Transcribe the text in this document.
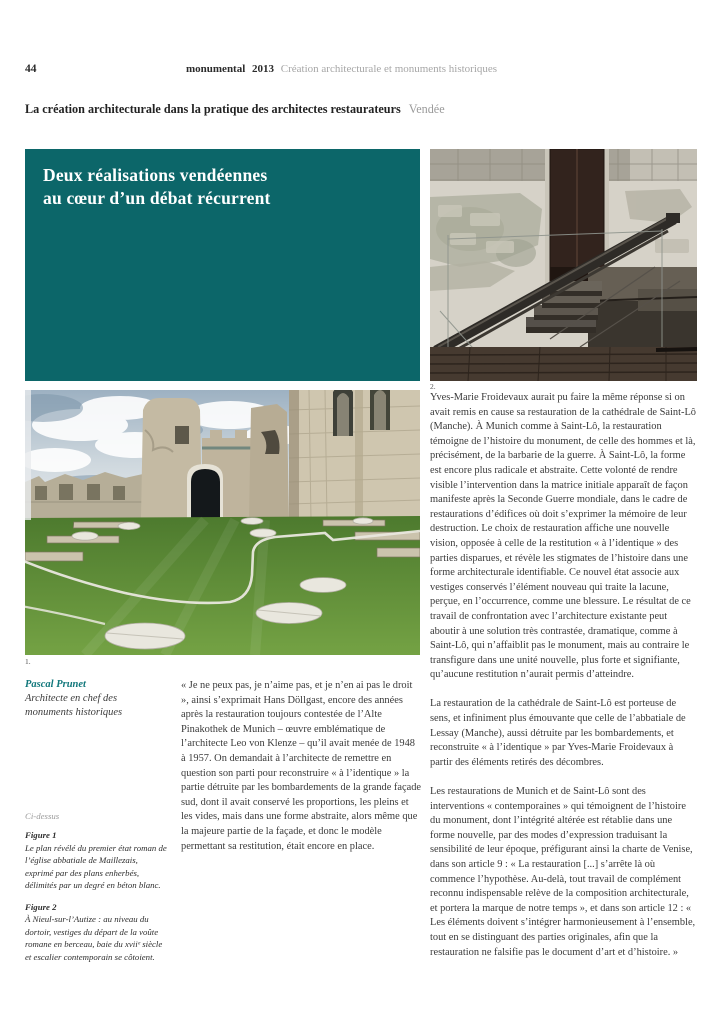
44	monumental 2013 Création architecturale et monuments historiques
La création architecturale dans la pratique des architectes restaurateurs Vendée
Deux réalisations vendéennes
au cœur d’un débat récurrent
2.
1.
Pascal Prunet
Architecte en chef des
monuments historiques
Ci-dessus
Figure 1
Le plan révélé du premier état roman de l’église abbatiale de Maillezais, exprimé par des plans enherbés, délimités par un degré en béton blanc.
Figure 2
À Nieul-sur-l’Autize : au niveau du dortoir, vestiges du départ de la voûte romane en berceau, baie du xviiᵉ siècle et escalier contemporain se côtoient.

« Je ne peux pas, je n’aime pas, et je n’en ai pas le droit », ainsi s’exprimait Hans Döllgast, encore des années après la restauration toujours contestée de l’Alte Pinakothek de Munich – œuvre emblématique de l’architecte Leo von Klenze – qu’il avait menée de 1948 à 1957. On demandait à l’architecte de remettre en question son parti pour reconstruire « à l’identique » la partie détruite par les bombardements de la grande façade sud, dont il avait conservé les proportions, les pleins et les vides, mais dans une forme abstraite, alors même que la majeure partie de la façade, et donc le modèle permettant sa restitution, était encore en place.

Yves-Marie Froidevaux aurait pu faire la même réponse si on avait remis en cause sa restauration de la cathédrale de Saint-Lô (Manche). À Munich comme à Saint-Lô, la restauration témoigne de l’histoire du monument, de celle des hommes et là, précisément, de la barbarie de la guerre. À Saint-Lô, la forme est encore plus radicale et abstraite. Cette volonté de rendre visible l’intervention dans la matrice initiale apparaît de façon manifeste après la Seconde Guerre mondiale, dans le cadre de restaurations d’édifices où doit s’exprimer la mémoire de leur destruction. Le choix de restauration affiche une nouvelle vision, opposée à celle de la restitution « à l’identique » des parties disparues, et révèle les stigmates de l’histoire dans une forme architecturale identifiable. Ce nouvel état associe aux vestiges conservés l’élément nouveau qui traite la lacune, perçue, en l’occurrence, comme une blessure. Le résultat de ce travail de confrontation avec l’architecture existante peut aboutir à une solution très contrastée, dramatique, comme à Saint-Lô, qui n’affaiblit pas le monument, mais au contraire le transfigure dans une unité nouvelle, plus forte et signifiante, qu’aucune restitution n’aurait permis d’atteindre.

La restauration de la cathédrale de Saint-Lô est porteuse de sens, et infiniment plus émouvante que celle de l’abbatiale de Lessay (Manche), aussi détruite par les bombardements, et reconstruite « à l’identique » par Yves-Marie Froidevaux à partir des éléments retirés des décombres.

Les restaurations de Munich et de Saint-Lô sont des interventions « contemporaines » qui témoignent de l’histoire du monument, dont l’intégrité altérée est rétablie dans une forme nouvelle, par des modes d’expression traduisant la sensibilité de leur époque, préfigurant ainsi la charte de Venise, dans son article 9 : « La restauration [...] s’arrête là où commence l’hypothèse. Au-delà, tout travail de complément reconnu indispensable relève de la composition architecturale, et portera la marque de notre temps », et dans son article 12 : « Les éléments doivent s’intégrer harmonieusement à l’ensemble, tout en se distinguant des parties originales, afin que la restauration ne falsifie pas le document d’art et d’histoire. »
